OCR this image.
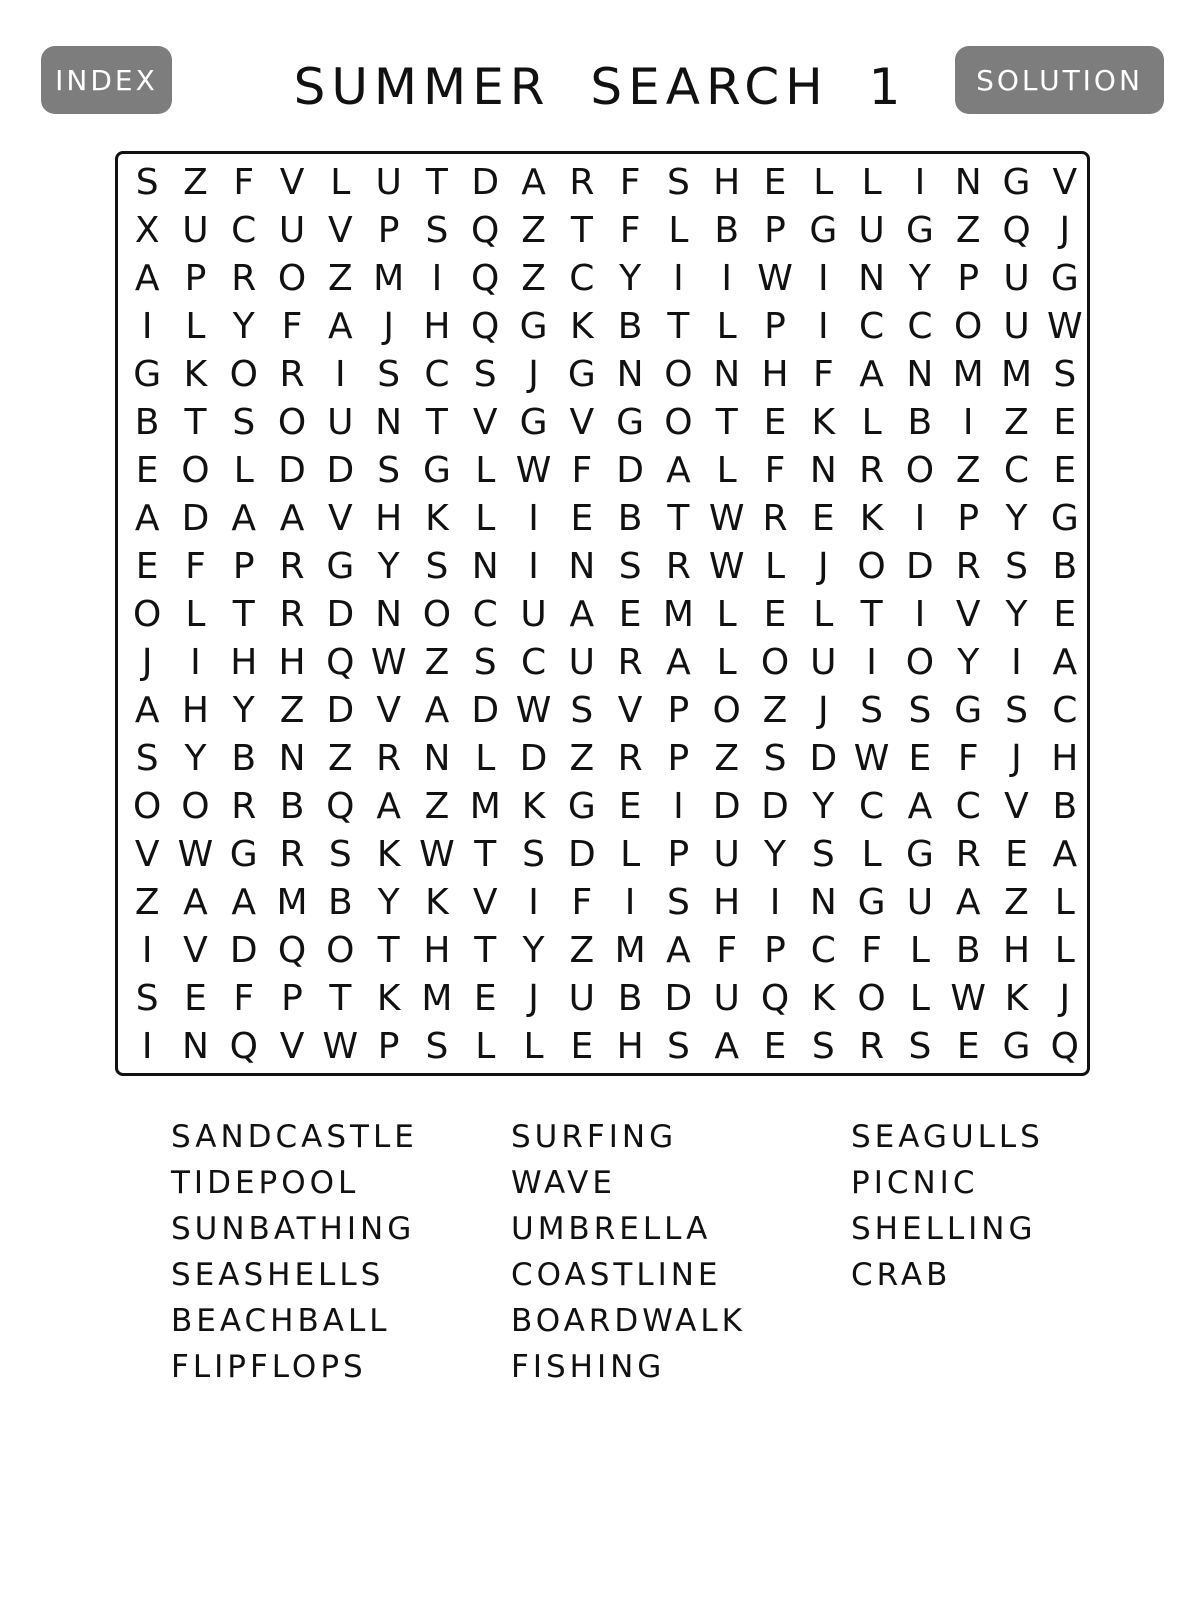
INDEX	SUMMER SEARCH 1	SOLUTION
S Z F V L U T D A R F S H E L L I N G V
X U C U V P S Q Z T F L B P G U G Z Q J
A P R O Z M I Q Z C Y I	I W I N Y P U G
I L Y F A J H Q G K B T L P I C C O U W
G K O R I S C S J G N O N H F A N M M S
B T S O U N T V G V G O T E K L B I Z E
E O L D D S G L W F D A L F N R O Z C E
A D A A V H K L I E B T W R E K I P Y G
E F P R G Y S N I N S R W L J O D R S B
O L T R D N O C U A E M L E L T I V Y E
J	I H H Q W Z S C U R A L O U I O Y I A
A H Y Z D V A D W S V P O Z J S S G S C
S Y B N Z R N L D Z R P Z S D W E F J H
O O R B Q A Z M K G E I D D Y C A C V B
V W G R S K W T S D L P U Y S L G R E A
Z A A M B Y K V I F I S H I N G U A Z L
I V D Q O T H T Y Z M A F P C F L B H L
S E F P T K M E J U B D U Q K O L W K J
I N Q V W P S L L E H S A E S R S E G Q
SANDCASTLE
TIDEPOOL
SUNBATHING
SEASHELLS
BEACHBALL
FLIPFLOPS
SURFING
WAVE
UMBRELLA
COASTLINE
BOARDWALK
FISHING
SEAGULLS
PICNIC
SHELLING
CRAB
